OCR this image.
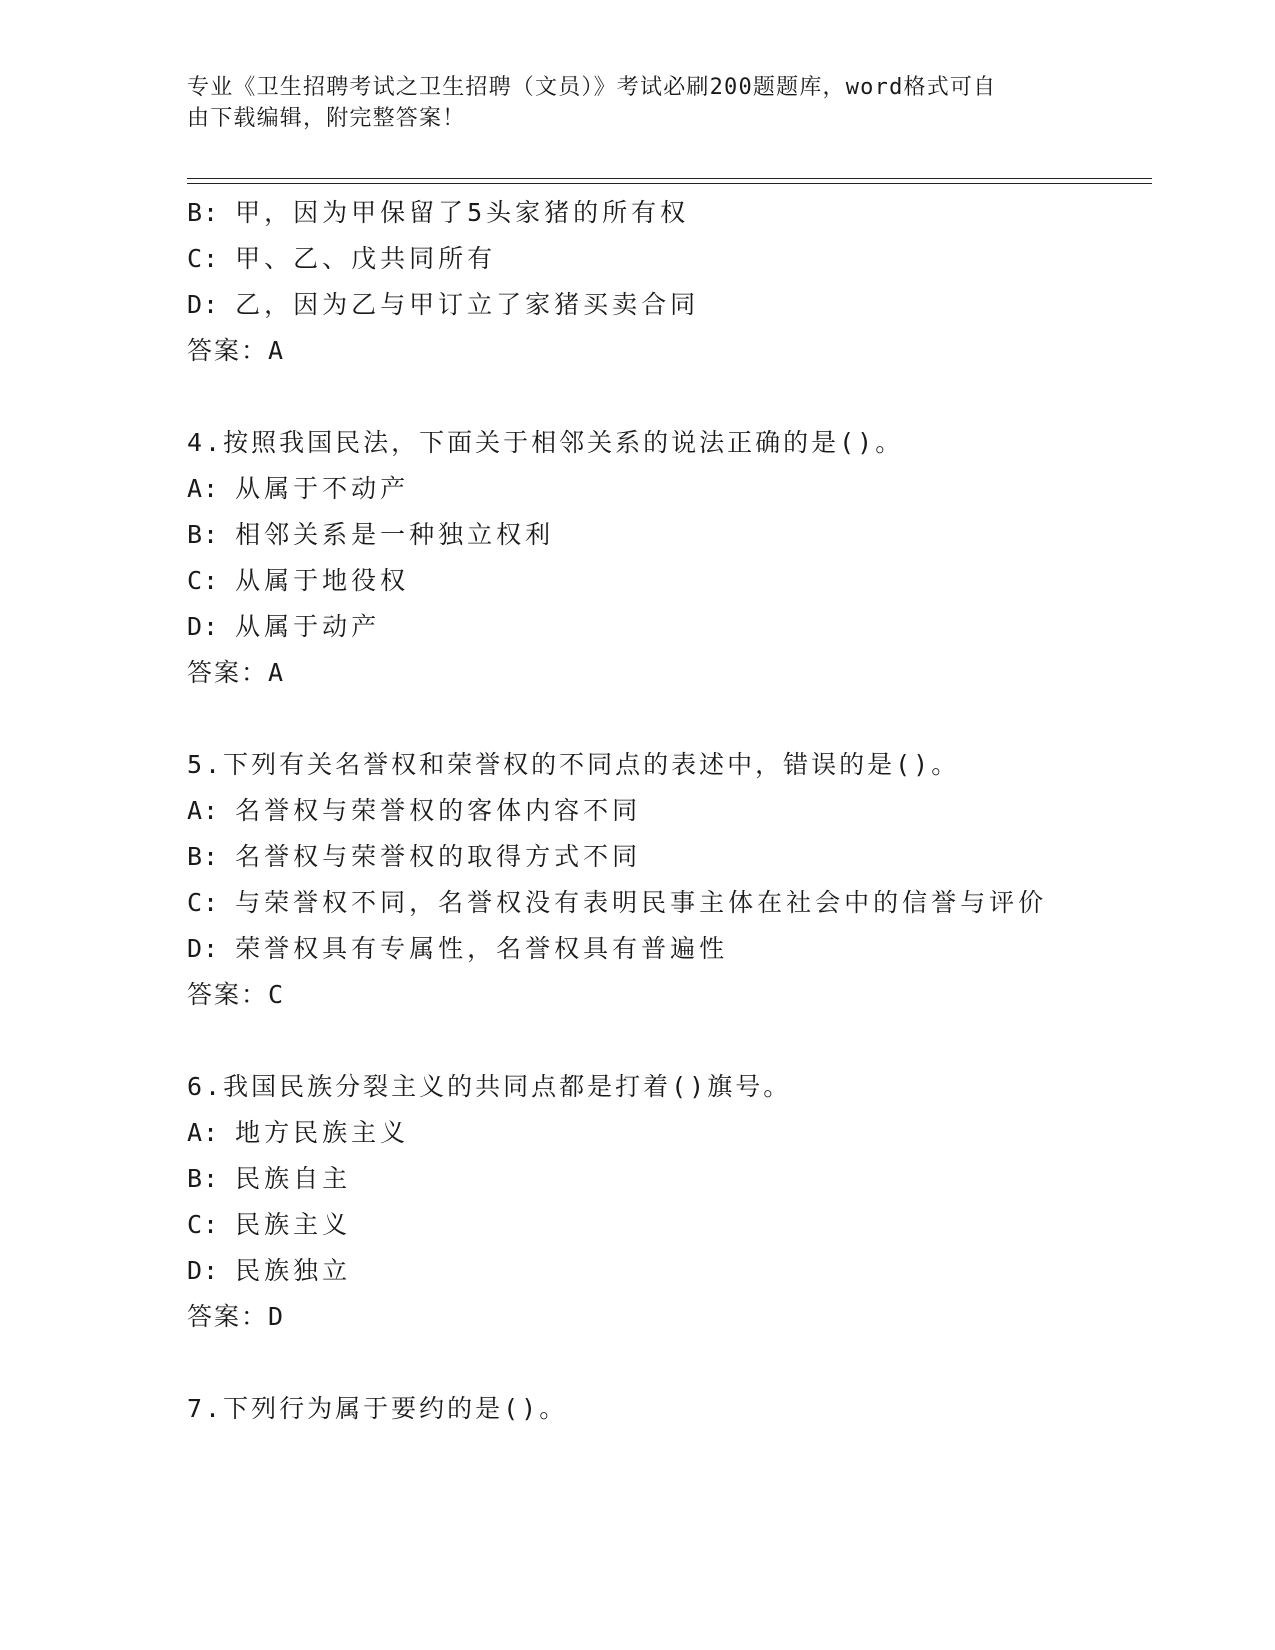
专业《卫生招聘考试之卫生招聘（文员）》考试必刷200题题库，word格式可自
由下载编辑，附完整答案！
B: 甲，因为甲保留了5头家猪的所有权
C: 甲、乙、戊共同所有
D: 乙，因为乙与甲订立了家猪买卖合同
答案：A
4.按照我国民法，下面关于相邻关系的说法正确的是()。
A: 从属于不动产
B: 相邻关系是一种独立权利
C: 从属于地役权
D: 从属于动产
答案：A
5.下列有关名誉权和荣誉权的不同点的表述中，错误的是()。
A: 名誉权与荣誉权的客体内容不同
B: 名誉权与荣誉权的取得方式不同
C: 与荣誉权不同，名誉权没有表明民事主体在社会中的信誉与评价
D: 荣誉权具有专属性，名誉权具有普遍性
答案：C
6.我国民族分裂主义的共同点都是打着()旗号。
A: 地方民族主义
B: 民族自主
C: 民族主义
D: 民族独立
答案：D
7.下列行为属于要约的是()。
